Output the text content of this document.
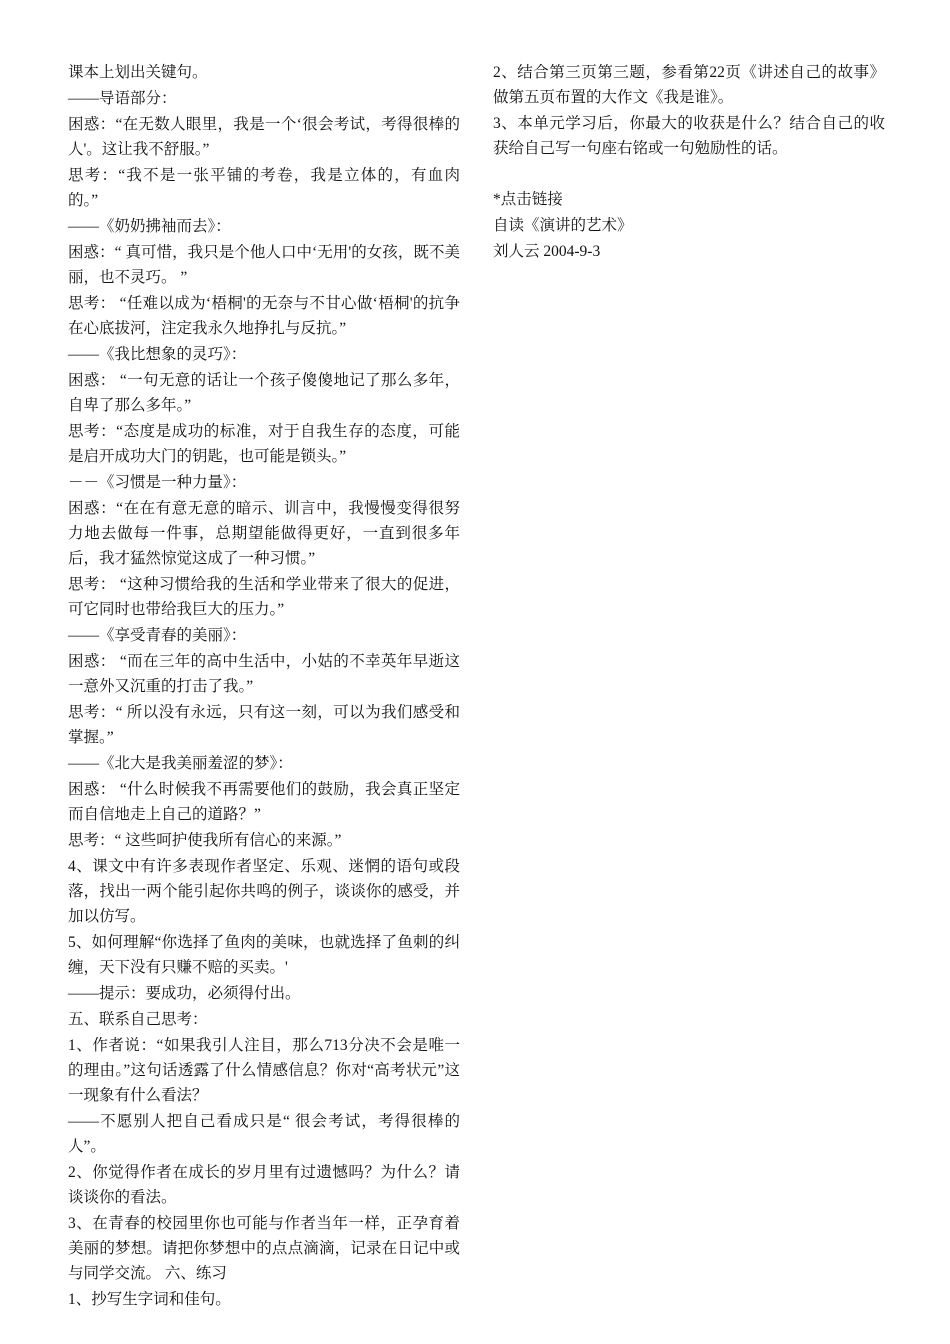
课本上划出关键句。

——导语部分：

困惑：“在无数人眼里，我是一个‘很会考试，考得很棒的人'。这让我不舒服。”

思考：“我不是一张平铺的考卷，我是立体的，有血肉的。”

——《奶奶拂袖而去》：

困惑：“ 真可惜，我只是个他人口中‘无用'的女孩，既不美丽，也不灵巧。 ”

思考： “任难以成为‘梧桐'的无奈与不甘心做‘梧桐'的抗争在心底拔河，注定我永久地挣扎与反抗。”

——《我比想象的灵巧》：

困惑： “一句无意的话让一个孩子傻傻地记了那么多年，自卑了那么多年。”

思考：“态度是成功的标准，对于自我生存的态度，可能是启开成功大门的钥匙，也可能是锁头。”

－－《习惯是一种力量》：

困惑：“在在有意无意的暗示、训言中，我慢慢变得很努力地去做每一件事，总期望能做得更好，一直到很多年后，我才猛然惊觉这成了一种习惯。”

思考： “这种习惯给我的生活和学业带来了很大的促进，可它同时也带给我巨大的压力。”

——《享受青春的美丽》：

困惑： “而在三年的高中生活中，小姑的不幸英年早逝这一意外又沉重的打击了我。”

思考：“ 所以没有永远，只有这一刻，可以为我们感受和掌握。”

——《北大是我美丽羞涩的梦》：

困惑： “什么时候我不再需要他们的鼓励，我会真正坚定而自信地走上自己的道路？”

思考：“ 这些呵护使我所有信心的来源。”

4、课文中有许多表现作者坚定、乐观、迷惘的语句或段落，找出一两个能引起你共鸣的例子，谈谈你的感受，并加以仿写。

5、如何理解“你选择了鱼肉的美味，也就选择了鱼刺的纠缠，天下没有只赚不赔的买卖。'

——提示：要成功，必须得付出。

五、联系自己思考：

1、作者说：“如果我引人注目，那么713分决不会是唯一的理由。”这句话透露了什么情感信息？你对“高考状元”这一现象有什么看法？

——不愿别人把自己看成只是“ 很会考试，考得很棒的人”。

2、你觉得作者在成长的岁月里有过遗憾吗？为什么？请谈谈你的看法。

3、在青春的校园里你也可能与作者当年一样，正孕育着美丽的梦想。请把你梦想中的点点滴滴，记录在日记中或与同学交流。 六、练习

1、抄写生字词和佳句。

2、结合第三页第三题，参看第22页《讲述自己的故事》做第五页布置的大作文《我是谁》。

3、本单元学习后，你最大的收获是什么？结合自己的收获给自己写一句座右铭或一句勉励性的话。

*点击链接

自读《演讲的艺术》

刘人云 2004-9-3
